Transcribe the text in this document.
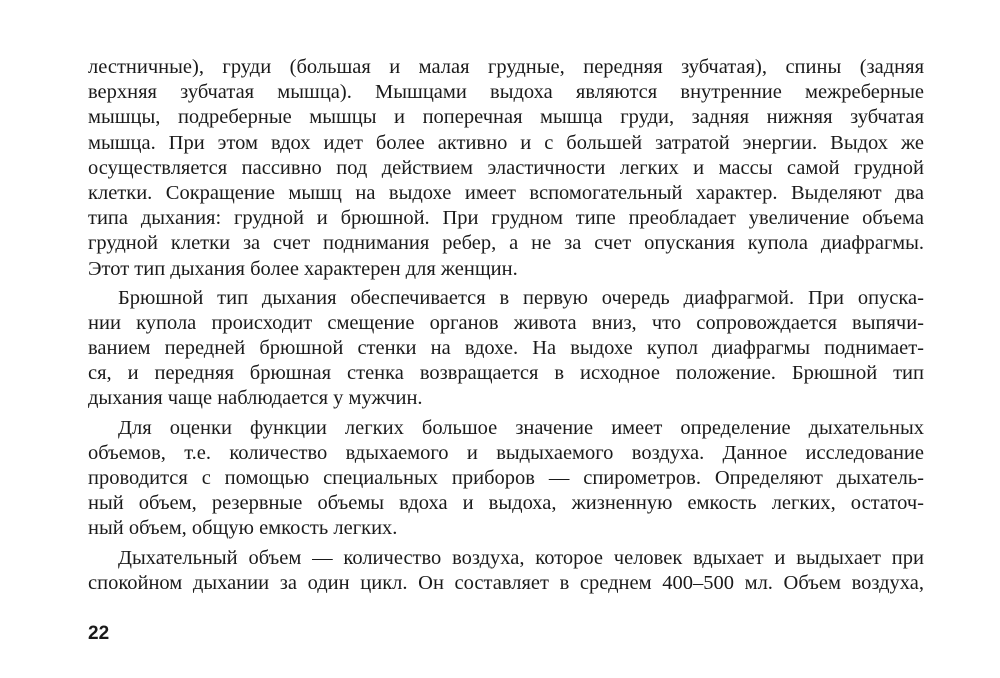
лестничные), груди (большая и малая грудные, передняя зубчатая), спины (задняя
верхняя зубчатая мышца). Мышцами выдоха являются внутренние межреберные
мышцы, подреберные мышцы и поперечная мышца груди, задняя нижняя зубчатая
мышца. При этом вдох идет более активно и с большей затратой энергии. Выдох же
осуществляется пассивно под действием эластичности легких и массы самой грудной
клетки. Сокращение мышц на выдохе имеет вспомогательный характер. Выделяют два
типа дыхания: грудной и брюшной. При грудном типе преобладает увеличение объема
грудной клетки за счет поднимания ребер, а не за счет опускания купола диафрагмы.
Этот тип дыхания более характерен для женщин.
Брюшной тип дыхания обеспечивается в первую очередь диафрагмой. При опуска-
нии купола происходит смещение органов живота вниз, что сопровождается выпячи-
ванием передней брюшной стенки на вдохе. На выдохе купол диафрагмы поднимает-
ся, и передняя брюшная стенка возвращается в исходное положение. Брюшной тип
дыхания чаще наблюдается у мужчин.
Для оценки функции легких большое значение имеет определение дыхательных
объемов, т.е. количество вдыхаемого и выдыхаемого воздуха. Данное исследование
проводится с помощью специальных приборов — спирометров. Определяют дыхатель-
ный объем, резервные объемы вдоха и выдоха, жизненную емкость легких, остаточ-
ный объем, общую емкость легких.
Дыхательный объем — количество воздуха, которое человек вдыхает и выдыхает при
спокойном дыхании за один цикл. Он составляет в среднем 400–500 мл. Объем воздуха,
22
